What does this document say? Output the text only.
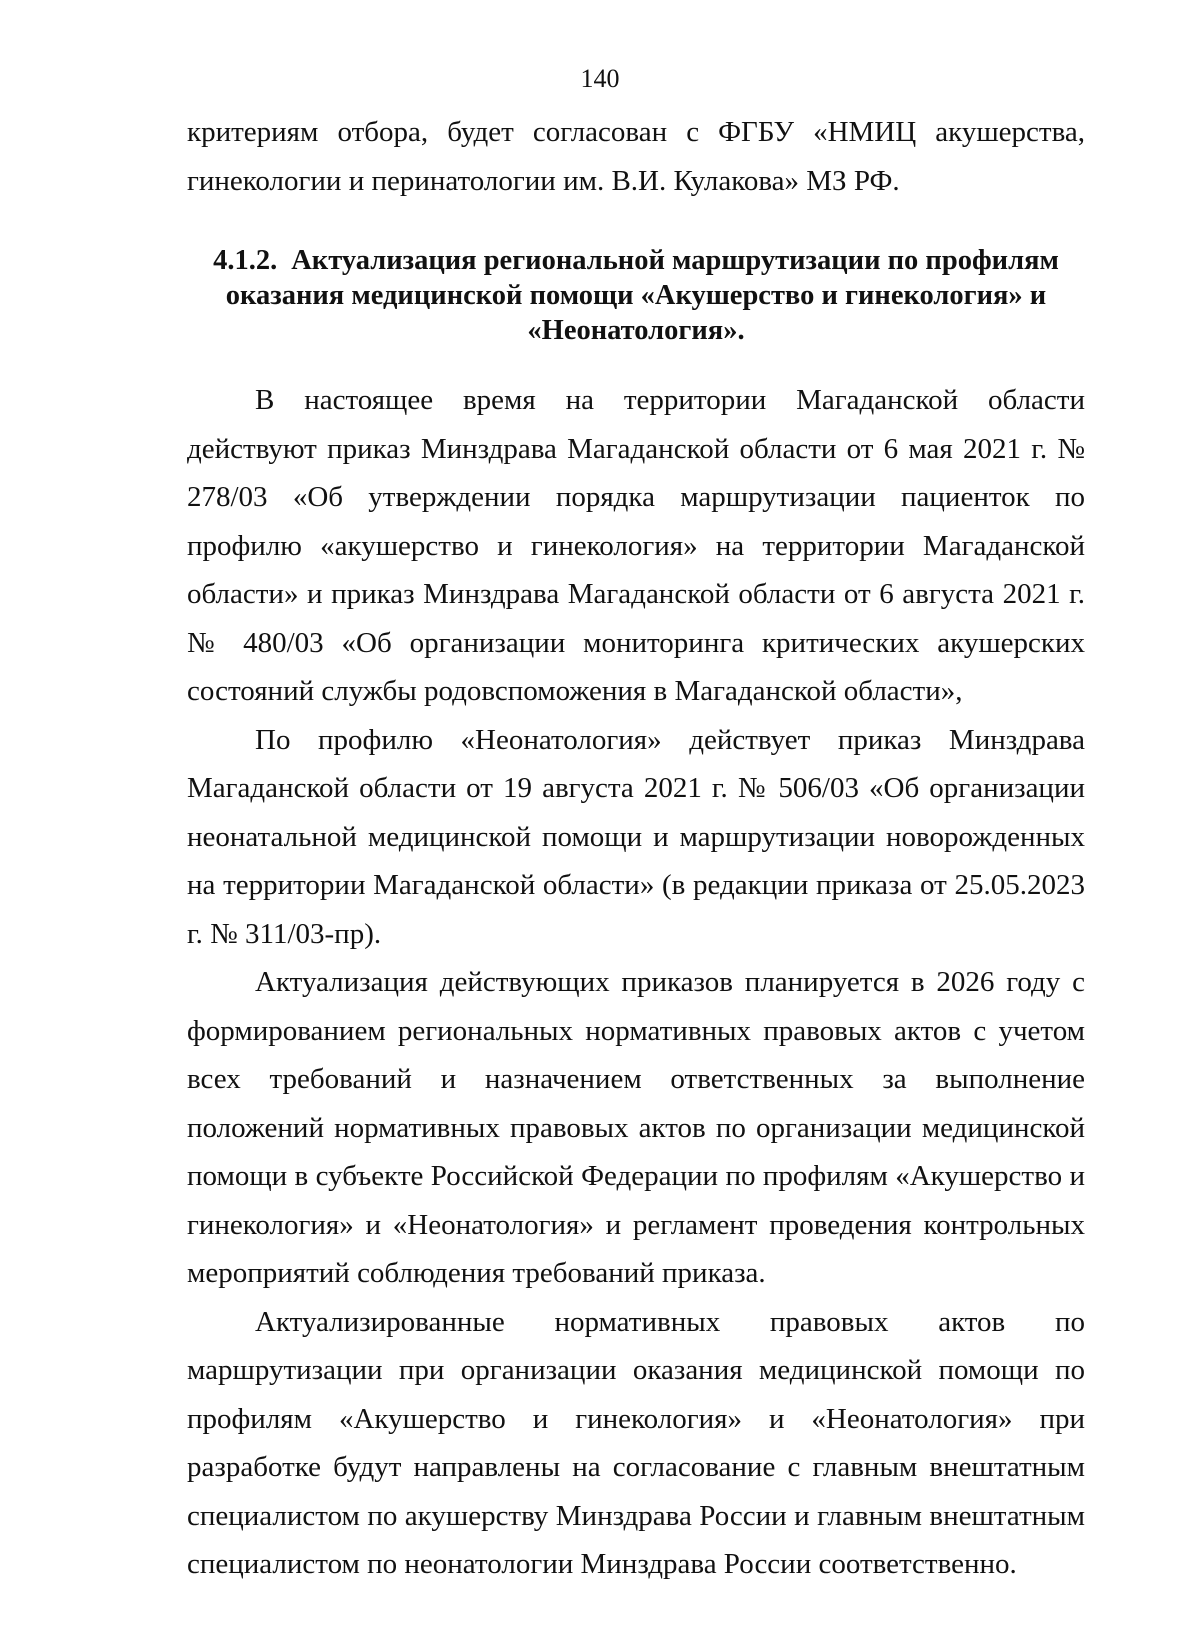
140

критериям отбора, будет согласован с ФГБУ «НМИЦ акушерства, гинекологии и перинатологии им. В.И. Кулакова» МЗ РФ.

4.1.2. Актуализация региональной маршрутизации по профилям оказания медицинской помощи «Акушерство и гинекология» и «Неонатология».

В настоящее время на территории Магаданской области действуют приказ Минздрава Магаданской области от 6 мая 2021 г. № 278/03 «Об утверждении порядка маршрутизации пациенток по профилю «акушерство и гинекология» на территории Магаданской области» и приказ Минздрава Магаданской области от 6 августа 2021 г. № 480/03 «Об организации мониторинга критических акушерских состояний службы родовспоможения в Магаданской области»,

По профилю «Неонатология» действует приказ Минздрава Магаданской области от 19 августа 2021 г. № 506/03 «Об организации неонатальной медицинской помощи и маршрутизации новорожденных на территории Магаданской области» (в редакции приказа от 25.05.2023 г. № 311/03-пр).

Актуализация действующих приказов планируется в 2026 году с формированием региональных нормативных правовых актов с учетом всех требований и назначением ответственных за выполнение положений нормативных правовых актов по организации медицинской помощи в субъекте Российской Федерации по профилям «Акушерство и гинекология» и «Неонатология» и регламент проведения контрольных мероприятий соблюдения требований приказа.

Актуализированные нормативных правовых актов по маршрутизации при организации оказания медицинской помощи по профилям «Акушерство и гинекология» и «Неонатология» при разработке будут направлены на согласование с главным внештатным специалистом по акушерству Минздрава России и главным внештатным специалистом по неонатологии Минздрава России соответственно.
